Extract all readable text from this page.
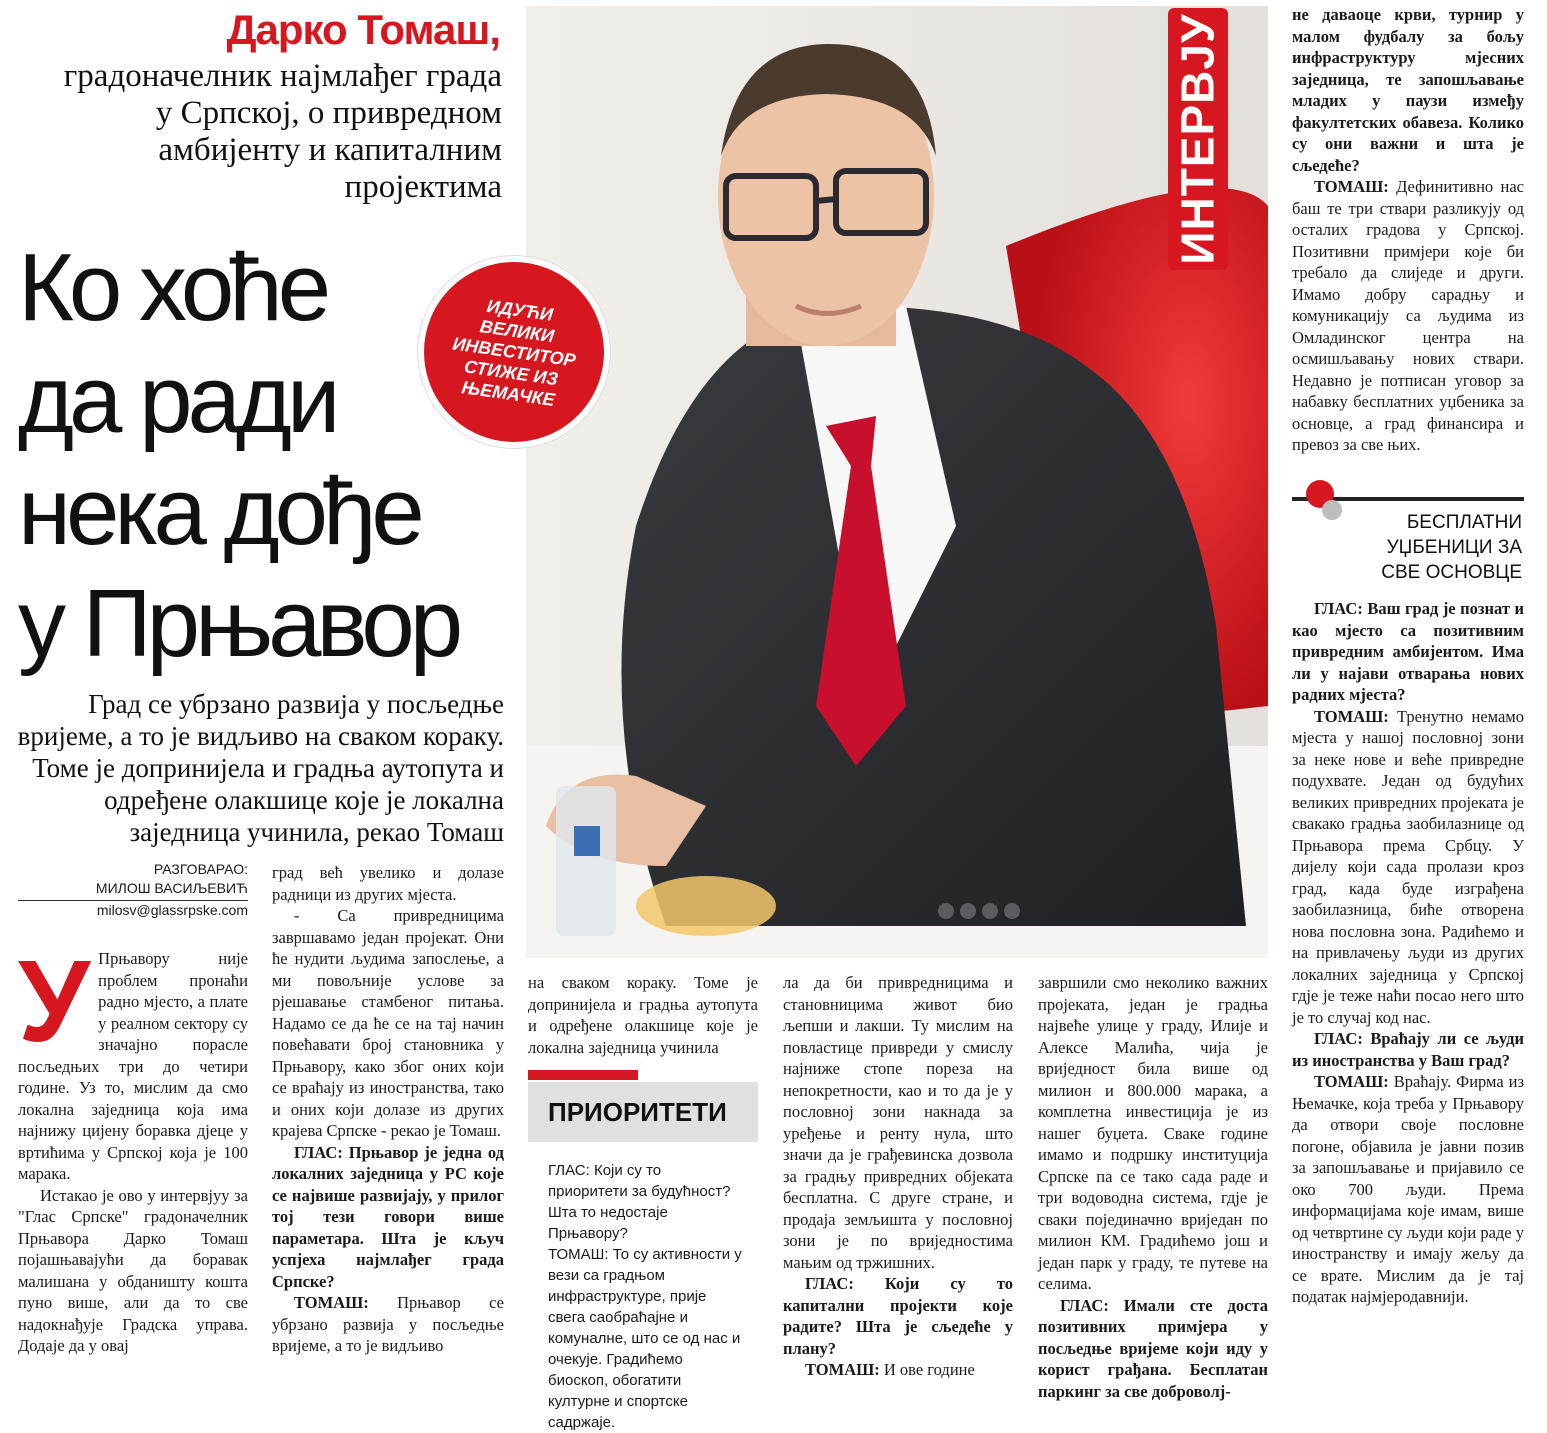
Дарко Томаш,
градоначелник најмлађег града у Српској, о привредном амбијенту и капиталним пројектима
Ко хоће
да ради
нека дође
у Прњавор
Град се убрзано развија у посљедње вријеме, а то је видљиво на сваком кораку. Томе је допринијела и градња аутопута и одређене олакшице које је локална заједница учинила, рекао Томаш
ИНТЕРВЈУ
ИДУЋИ
ВЕЛИКИ
ИНВЕСТИТОР
СТИЖЕ ИЗ
ЊЕМАЧКЕ
РАЗГОВАРАО:
МИЛОШ ВАСИЉЕВИЋ
milosv@glassrpske.com
У Прњавору није проблем пронаћи радно мјесто, а плате у реалном сектору су значајно порасле посљедњих три до четири године. Уз то, мислим да смо локална заједница која има најнижу цијену боравка дјеце у вртићима у Српској која је 100 марака.

Истакао је ово у интервјуу за "Глас Српске" градоначелник Прњавора Дарко Томаш појашњавајући да боравак малишана у обданишту кошта пуно више, али да то све надокнађује Градска управа. Додаје да у овај

град већ увелико и долазе радници из других мјеста.

- Са привредницима завршавамо један пројекат. Они ће нудити људима запослење, а ми повољније услове за рјешавање стамбеног питања. Надамо се да ће се на тај начин повећавати број становника у Прњавору, како због оних који се враћају из иностранства, тако и оних који долазе из других крајева Српске - рекао је Томаш.

ГЛАС: Прњавор је једна од локалних заједница у РС које се највише развијају, у прилог тој тези говори више параметара. Шта је кључ успјеха најмлађег града Српске?

ТОМАШ: Прњавор се убрзано развија у посљедње вријеме, а то је видљиво

на сваком кораку. Томе је допринијела и градња аутопута и одређене олакшице које је локална заједница учинила

ПРИОРИТЕТИ
ГЛАС: Који су то приоритети за будућност? Шта то недостаје Прњавору?
ТОМАШ: То су активности у вези са градњом инфраструктуре, прије свега саобраћајне и комуналне, што се од нас и очекује. Градићемо биоскоп, обогатити културне и спортске садржаје.

ла да би привредницима и становницима живот био љепши и лакши. Ту мислим на повластице привреди у смислу најниже стопе пореза на непокретности, као и то да је у пословној зони накнада за уређење и ренту нула, што значи да је грађевинска дозвола за градњу привредних објеката бесплатна. С друге стране, и продаја земљишта у пословној зони је по вриједностима мањим од тржишних.

ГЛАС: Који су то капитални пројекти које радите? Шта је сљедеће у плану?

ТОМАШ: И ове године

завршили смо неколико важних пројеката, један је градња највеће улице у граду, Илије и Алексе Малића, чија је вриједност била више од милион и 800.000 марака, а комплетна инвестиција је из нашег буџета. Сваке године имамо и подршку институција Српске па се тако сада раде и три водоводна система, гдје је сваки појединачно вриједан по милион КМ. Градићемо још и један парк у граду, те путеве на селима.

ГЛАС: Имали сте доста позитивних примјера у посљедње вријеме који иду у корист грађана. Бесплатан паркинг за све доброволј-

не даваоце крви, турнир у малом фудбалу за бољу инфраструктуру мјесних заједница, те запошљавање младих у паузи између факултетских обавеза. Колико су они важни и шта је сљедеће?

ТОМАШ: Дефинитивно нас баш те три ствари разликују од осталих градова у Српској. Позитивни примјери које би требало да слиједе и други. Имамо добру сарадњу и комуникацију са људима из Омладинског центра на осмишљавању нових ствари. Недавно је потписан уговор за набавку бесплатних уџбеника за основце, а град финансира и превоз за све њих.

БЕСПЛАТНИ
УЏБЕНИЦИ ЗА
СВЕ ОСНОВЦЕ

ГЛАС: Ваш град је познат и као мјесто са позитивним привредним амбијентом. Има ли у најави отварања нових радних мјеста?

ТОМАШ: Тренутно немамо мјеста у нашој пословној зони за неке нове и веће привредне подухвате. Један од будућих великих привредних пројеката је свакако градња заобилазнице од Прњавора према Србцу. У дијелу који сада пролази кроз град, када буде изграђена заобилазница, биће отворена нова пословна зона. Радићемо и на привлачењу људи из других локалних заједница у Српској гдје је теже наћи посао него што је то случај код нас.

ГЛАС: Враћају ли се људи из иностранства у Ваш град?

ТОМАШ: Враћају. Фирма из Њемачке, која треба у Прњавору да отвори своје пословне погоне, објавила је јавни позив за запошљавање и пријавило се око 700 људи. Према информацијама које имам, више од четвртине су људи који раде у иностранству и имају жељу да се врате. Мислим да је тај податак најмјеродавнији.
